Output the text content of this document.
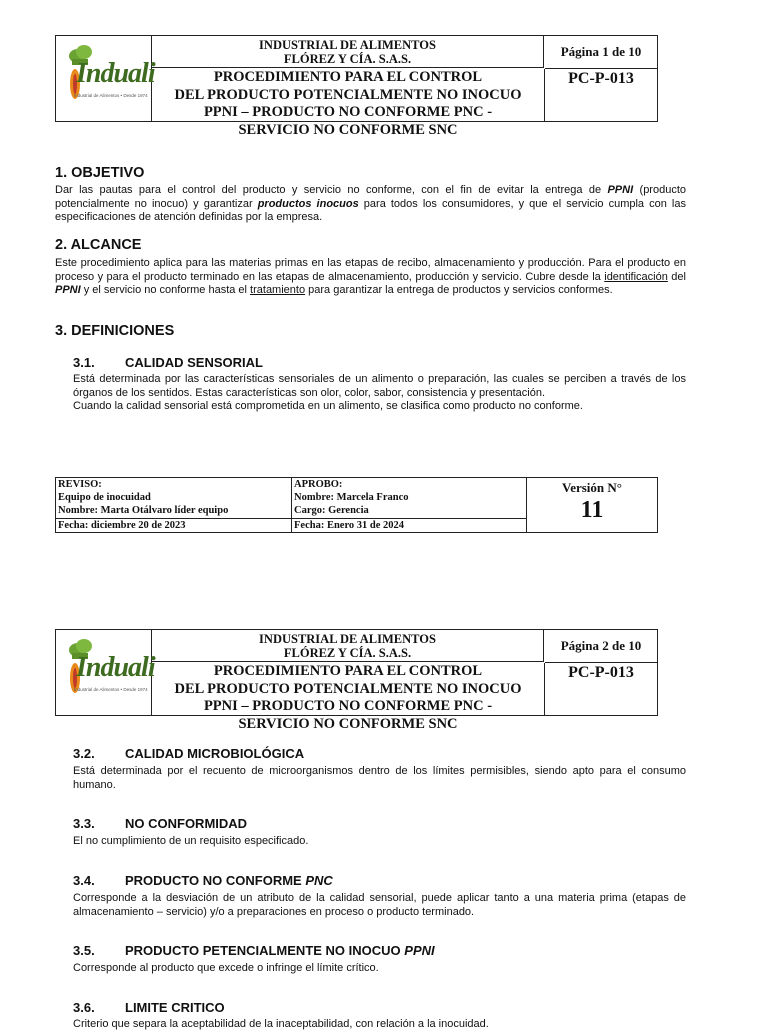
Induali
Industrial de Alimentos • Desde 1974
INDUSTRIAL DE ALIMENTOS
FLÓREZ Y CÍA. S.A.S.	Página 1 de 10
PROCEDIMIENTO PARA EL CONTROL
DEL PRODUCTO POTENCIALMENTE NO INOCUO
PPNI – PRODUCTO NO CONFORME PNC -
SERVICIO NO CONFORME SNC
PC-P-013
1. OBJETIVO
Dar las pautas para el control del producto y servicio no conforme, con el fin de evitar la entrega de PPNI (producto potencialmente no inocuo) y garantizar productos inocuos para todos los consumidores, y que el servicio cumpla con las especificaciones de atención definidas por la empresa.
2. ALCANCE
Este procedimiento aplica para las materias primas en las etapas de recibo, almacenamiento y producción. Para el producto en proceso y para el producto terminado en las etapas de almacenamiento, producción y servicio. Cubre desde la identificación del PPNI y el servicio no conforme hasta el tratamiento para garantizar la entrega de productos y servicios conformes.
3. DEFINICIONES
3.1. CALIDAD SENSORIAL
Está determinada por las características sensoriales de un alimento o preparación, las cuales se perciben a través de los órganos de los sentidos. Estas características son olor, color, sabor, consistencia y presentación.
Cuando la calidad sensorial está comprometida en un alimento, se clasifica como producto no conforme.
REVISO:
Equipo de inocuidad
Nombre: Marta Otálvaro líder equipo
Fecha: diciembre 20 de 2023
APROBO:
Nombre: Marcela Franco
Cargo: Gerencia
Fecha: Enero 31 de 2024
Versión N°
11
Induali
Industrial de Alimentos • Desde 1974
INDUSTRIAL DE ALIMENTOS
FLÓREZ Y CÍA. S.A.S.	Página 2 de 10
PROCEDIMIENTO PARA EL CONTROL
DEL PRODUCTO POTENCIALMENTE NO INOCUO
PPNI – PRODUCTO NO CONFORME PNC -
SERVICIO NO CONFORME SNC
PC-P-013
3.2. CALIDAD MICROBIOLÓGICA
Está determinada por el recuento de microorganismos dentro de los límites permisibles, siendo apto para el consumo humano.
3.3. NO CONFORMIDAD
El no cumplimiento de un requisito especificado.
3.4. PRODUCTO NO CONFORME PNC
Corresponde a la desviación de un atributo de la calidad sensorial, puede aplicar tanto a una materia prima (etapas de almacenamiento – servicio) y/o a preparaciones en proceso o producto terminado.
3.5. PRODUCTO PETENCIALMENTE NO INOCUO PPNI
Corresponde al producto que excede o infringe el límite crítico.
3.6. LIMITE CRITICO
Criterio que separa la aceptabilidad de la inaceptabilidad, con relación a la inocuidad.
